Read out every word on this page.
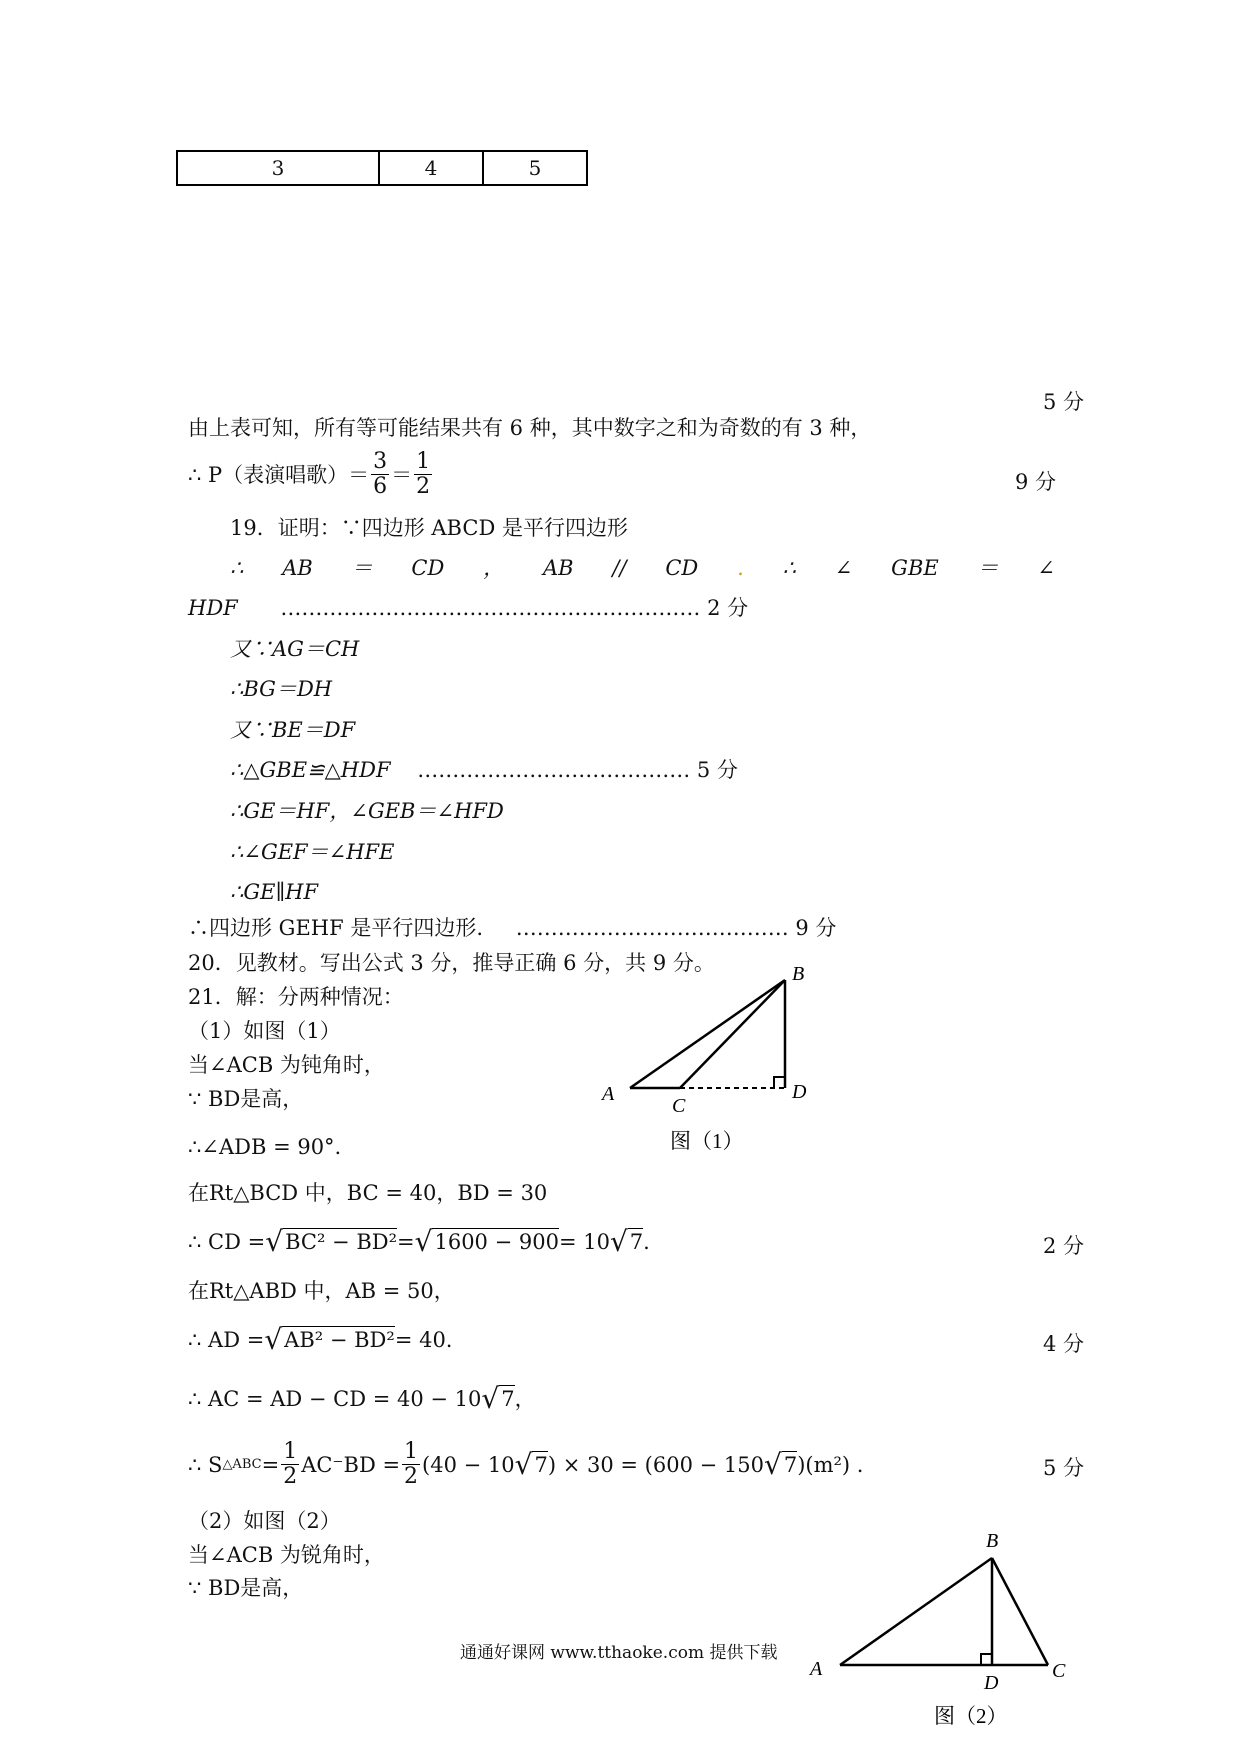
3	4	5
5 分
9 分
由上表可知，所有等可能结果共有 6 种，其中数字之和为奇数的有 3 种，
∴ P（表演唱歌）＝ $\frac{3}{6} = \frac{1}{2}$
19．证明：∵四边形 ABCD 是平行四边形
∴ AB ＝ CD ， AB // CD . ∴ ∠ GBE ＝ ∠
HDF …………………………………………………… 2 分
又∵AG＝CH
∴BG＝DH
又∵BE＝DF
∴△GBE≌△HDF ………………………………… 5 分
∴GE＝HF，∠GEB＝∠HFD
∴∠GEF＝∠HFE
∴GE∥HF
∴四边形 GEHF 是平行四边形. ………………………………… 9 分
20．见教材。写出公式 3 分，推导正确 6 分，共 9 分。
21．解：分两种情况：
（1）如图（1）
当∠ACB 为钝角时，
∵ BD是高，
∴∠ADB = 90°.
在Rt△BCD 中，BC = 40，BD = 30
∴ CD = √ BC² − BD² = √ 1600 − 900 = 10 √ 7 .	2 分
在Rt△ABD 中，AB = 50，
∴ AD = √ AB² − BD² = 40.	4 分
∴ AC = AD − CD = 40 − 10 √ 7 ，
∴ S △ABC = $\frac{1}{2} AC^-BD = \frac{1}{2} (40 - 10$ √ 7 ) × 30 = (600 − 150 √ 7 )(m²) .	5 分
（2）如图（2）
当∠ACB 为锐角时，
∵ BD是高，
B
A
C
D
图（1）
通通好课网 www.tthaoke.com 提供下载
B
A	C
D
图（2）
